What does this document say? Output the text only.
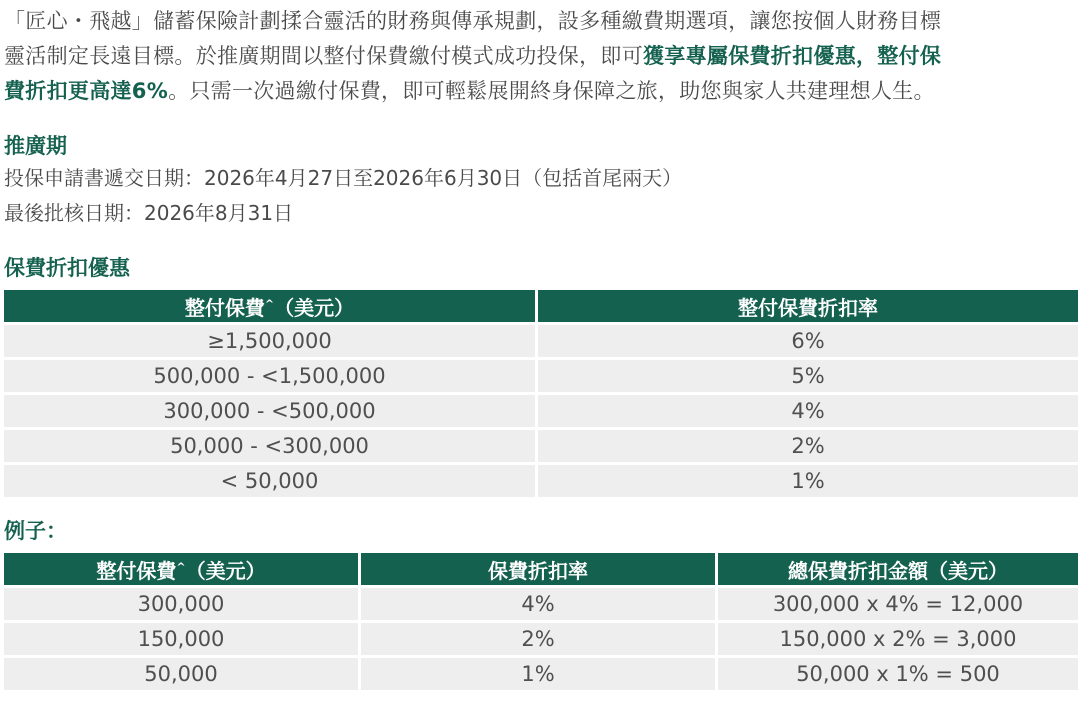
「匠心・飛越」儲蓄保險計劃揉合靈活的財務與傳承規劃，設多種繳費期選項，讓您按個人財務目標靈活制定長遠目標。於推廣期間以整付保費繳付模式成功投保，即可獲享專屬保費折扣優惠，整付保費折扣更高達6%。只需一次過繳付保費，即可輕鬆展開終身保障之旅，助您與家人共建理想人生。

推廣期

投保申請書遞交日期：2026年4月27日至2026年6月30日（包括首尾兩天）

最後批核日期：2026年8月31日

保費折扣優惠
整付保費^（美元）	整付保費折扣率
≥1,500,000	6%
500,000 - <1,500,000	5%
300,000 - <500,000	4%
50,000 - <300,000	2%
< 50,000	1%
例子：
整付保費^（美元）	保費折扣率	總保費折扣金額（美元）
300,000	4%	300,000 x 4% = 12,000
150,000	2%	150,000 x 2% = 3,000
50,000	1%	50,000 x 1% = 500
